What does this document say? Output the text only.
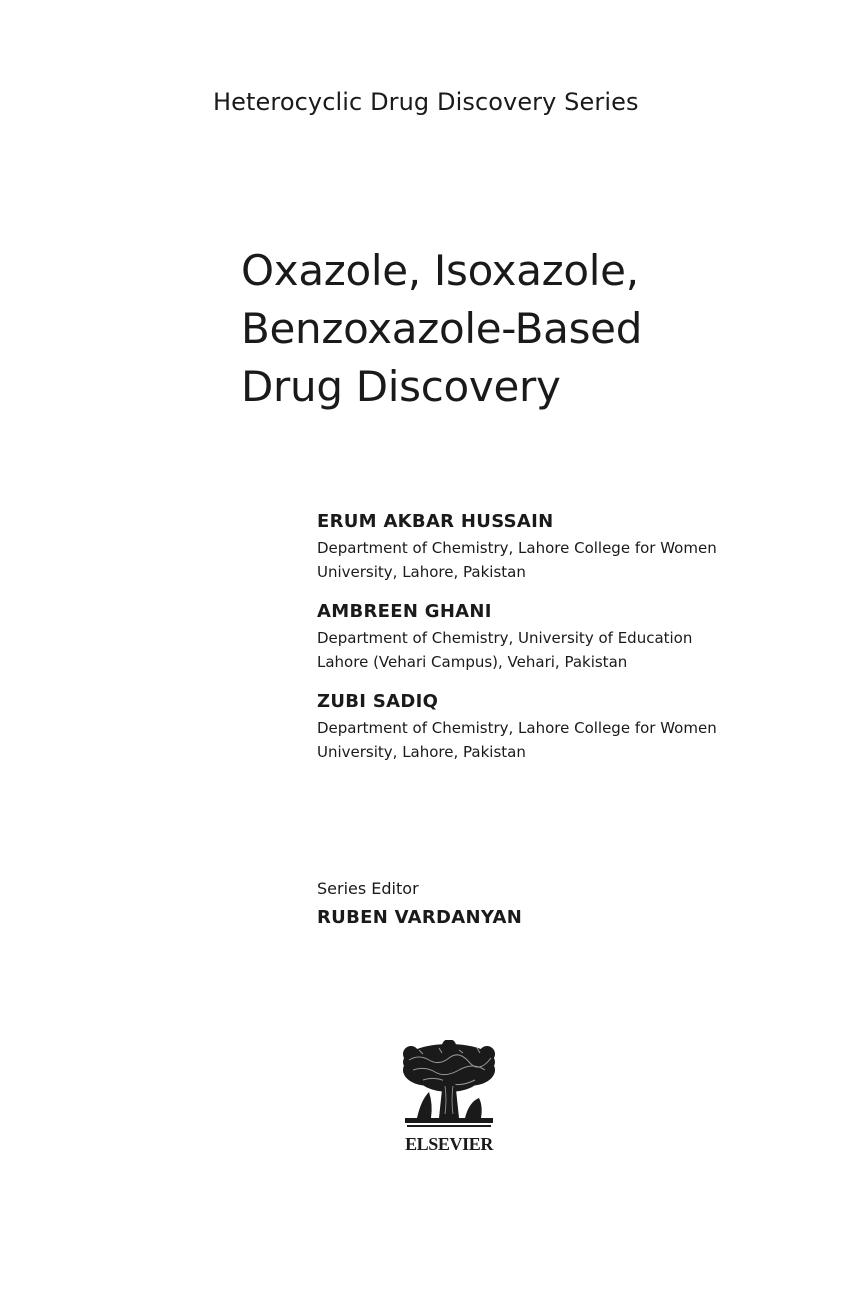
Heterocyclic Drug Discovery Series
Oxazole, Isoxazole,
Benzoxazole-Based
Drug Discovery
ERUM AKBAR HUSSAIN
Department of Chemistry, Lahore College for Women
University, Lahore, Pakistan
AMBREEN GHANI
Department of Chemistry, University of Education
Lahore (Vehari Campus), Vehari, Pakistan
ZUBI SADIQ
Department of Chemistry, Lahore College for Women
University, Lahore, Pakistan
Series Editor
RUBEN VARDANYAN
ELSEVIER
